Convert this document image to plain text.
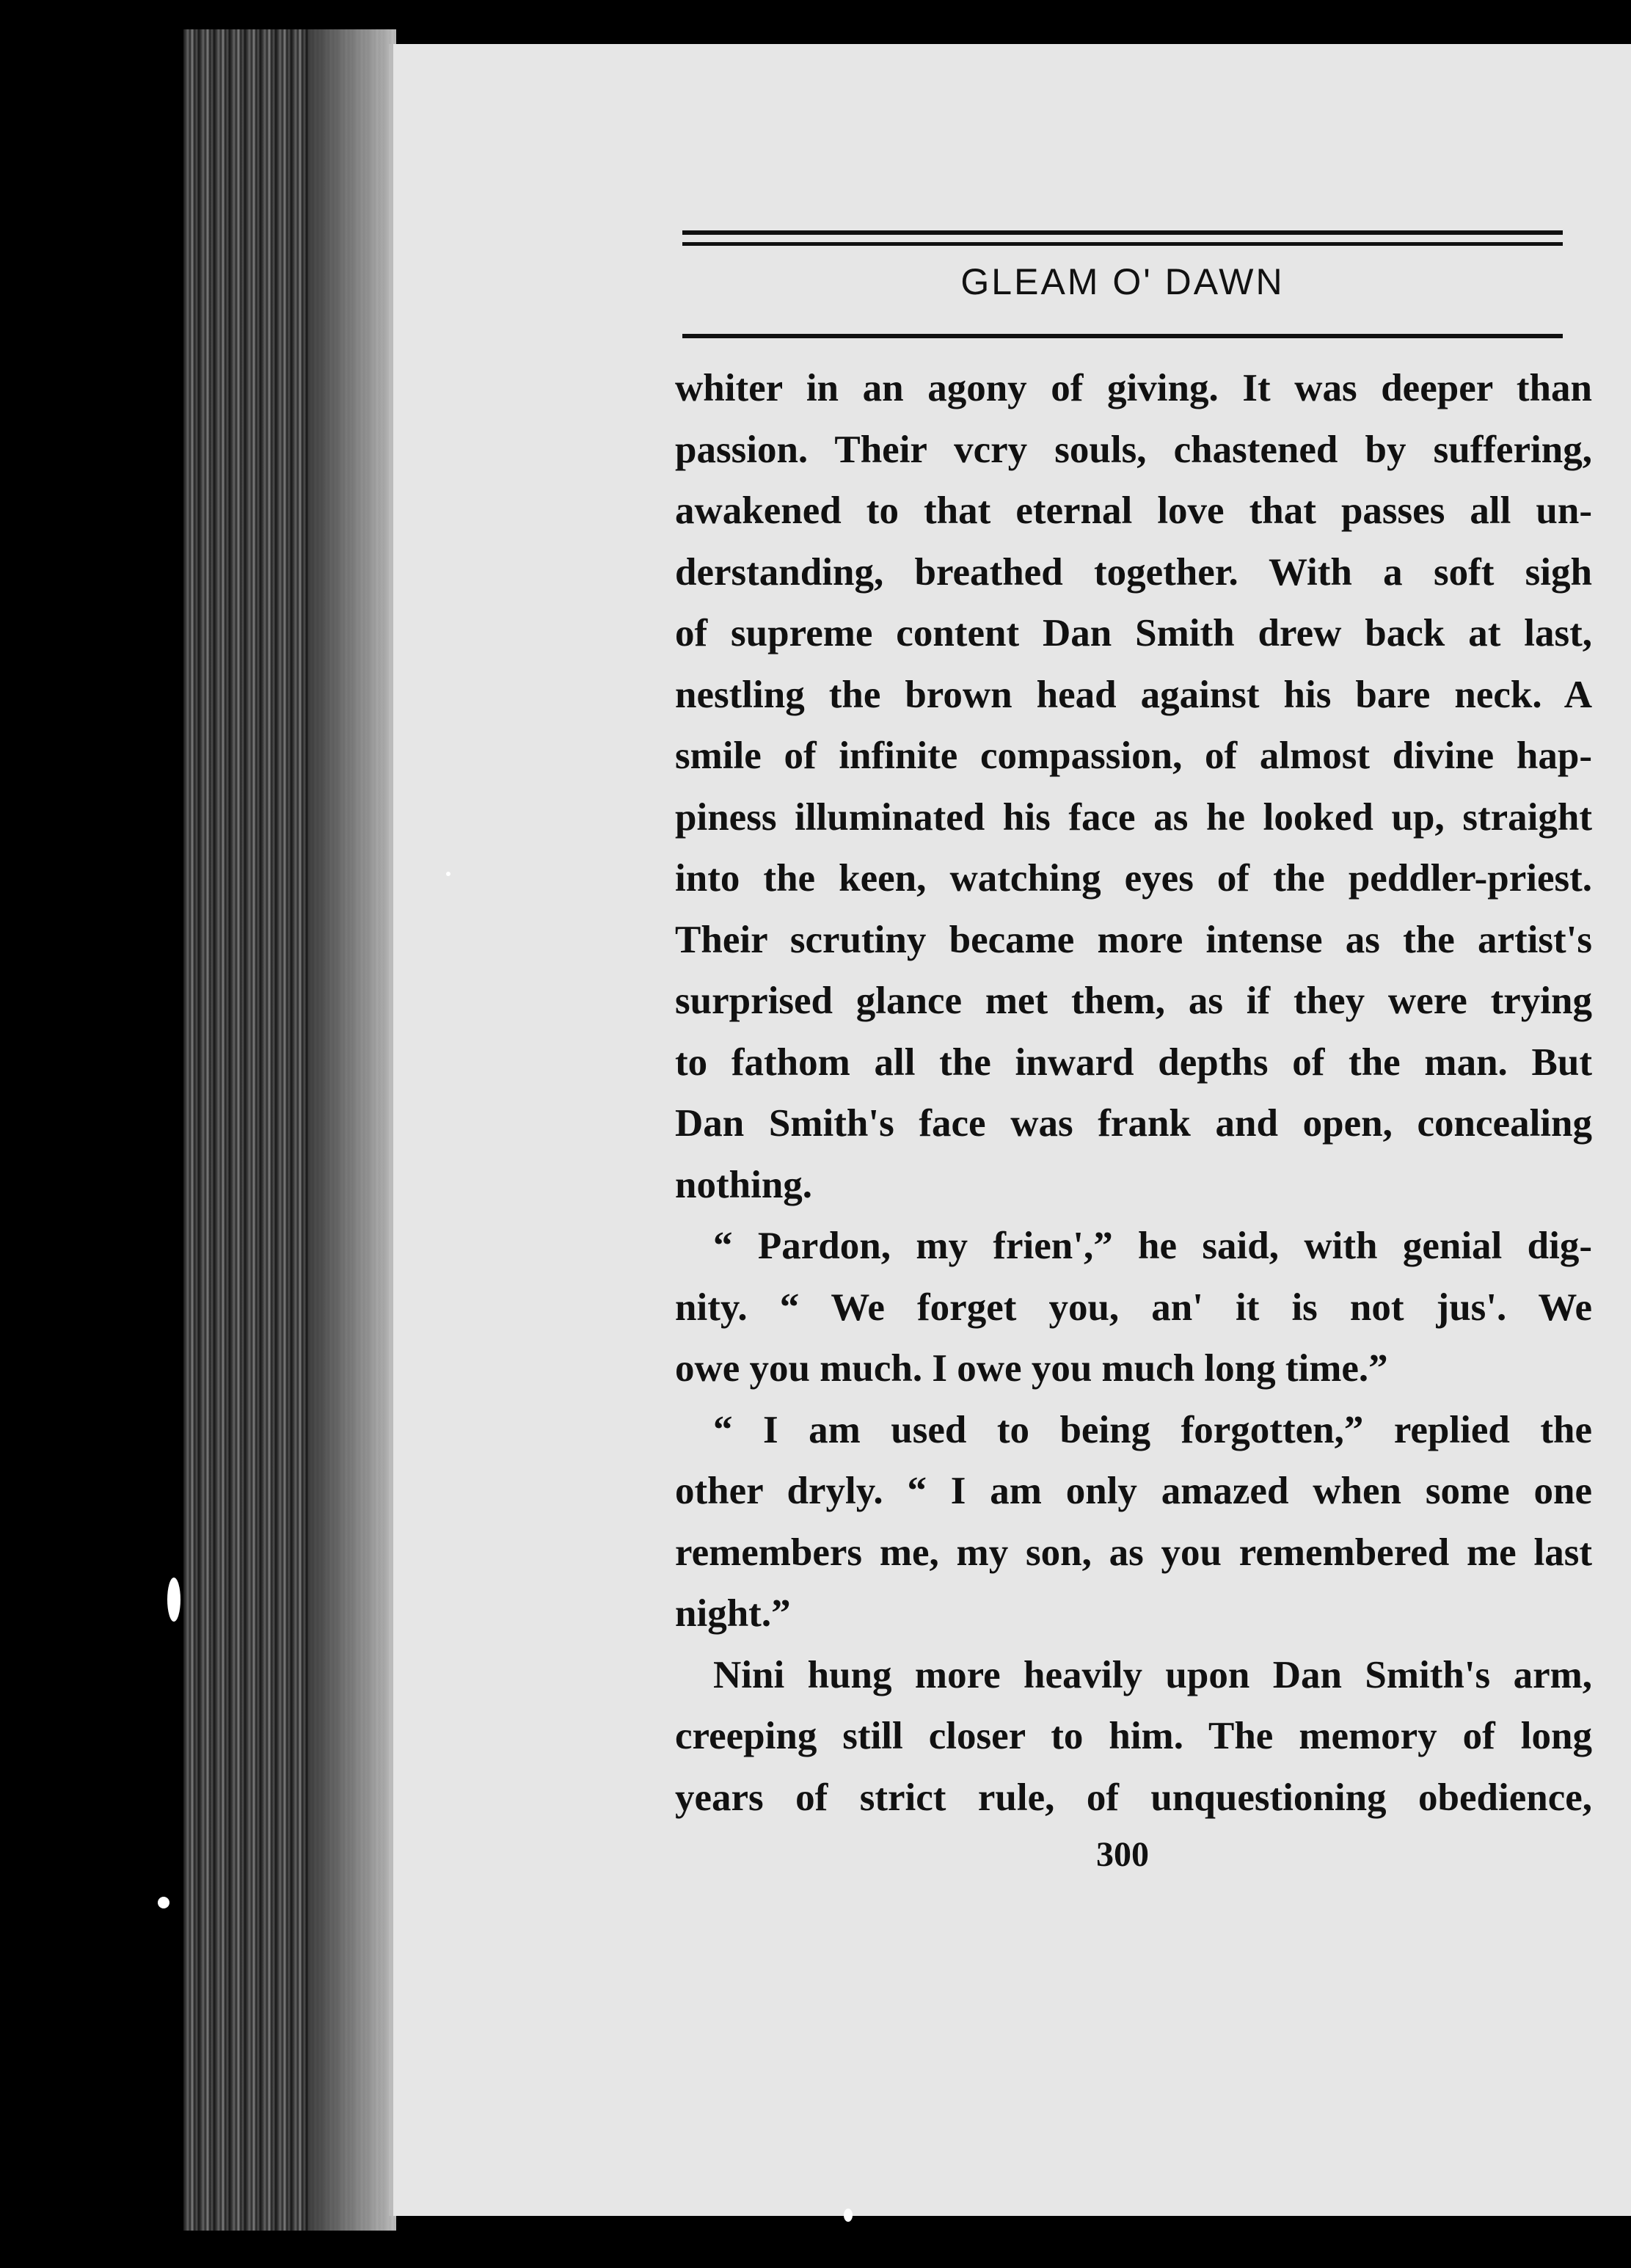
GLEAM O' DAWN
whiter in an agony of giving. It was deeper than
passion. Their vсry souls, chastened by suffering,
awakened to that eternal love that passes all un-
derstanding, breathed together. With a soft sigh
of supreme content Dan Smith drew back at last,
nestling the brown head against his bare neck. A
smile of infinite compassion, of almost divine hap-
piness illuminated his face as he looked up, straight
into the keen, watching eyes of the peddler-priest.
Their scrutiny became more intense as the artist's
surprised glance met them, as if they were trying
to fathom all the inward depths of the man. But
Dan Smith's face was frank and open, concealing
nothing.
“ Pardon, my frien',” he said, with genial dig-
nity. “ We forget you, an' it is not jus'. We
owe you much. I owe you much long time.”
“ I am used to being forgotten,” replied the
other dryly. “ I am only amazed when some one
remembers me, my son, as you remembered me last
night.”
Nini hung more heavily upon Dan Smith's arm,
creeping still closer to him. The memory of long
years of strict rule, of unquestioning obedience,
300
